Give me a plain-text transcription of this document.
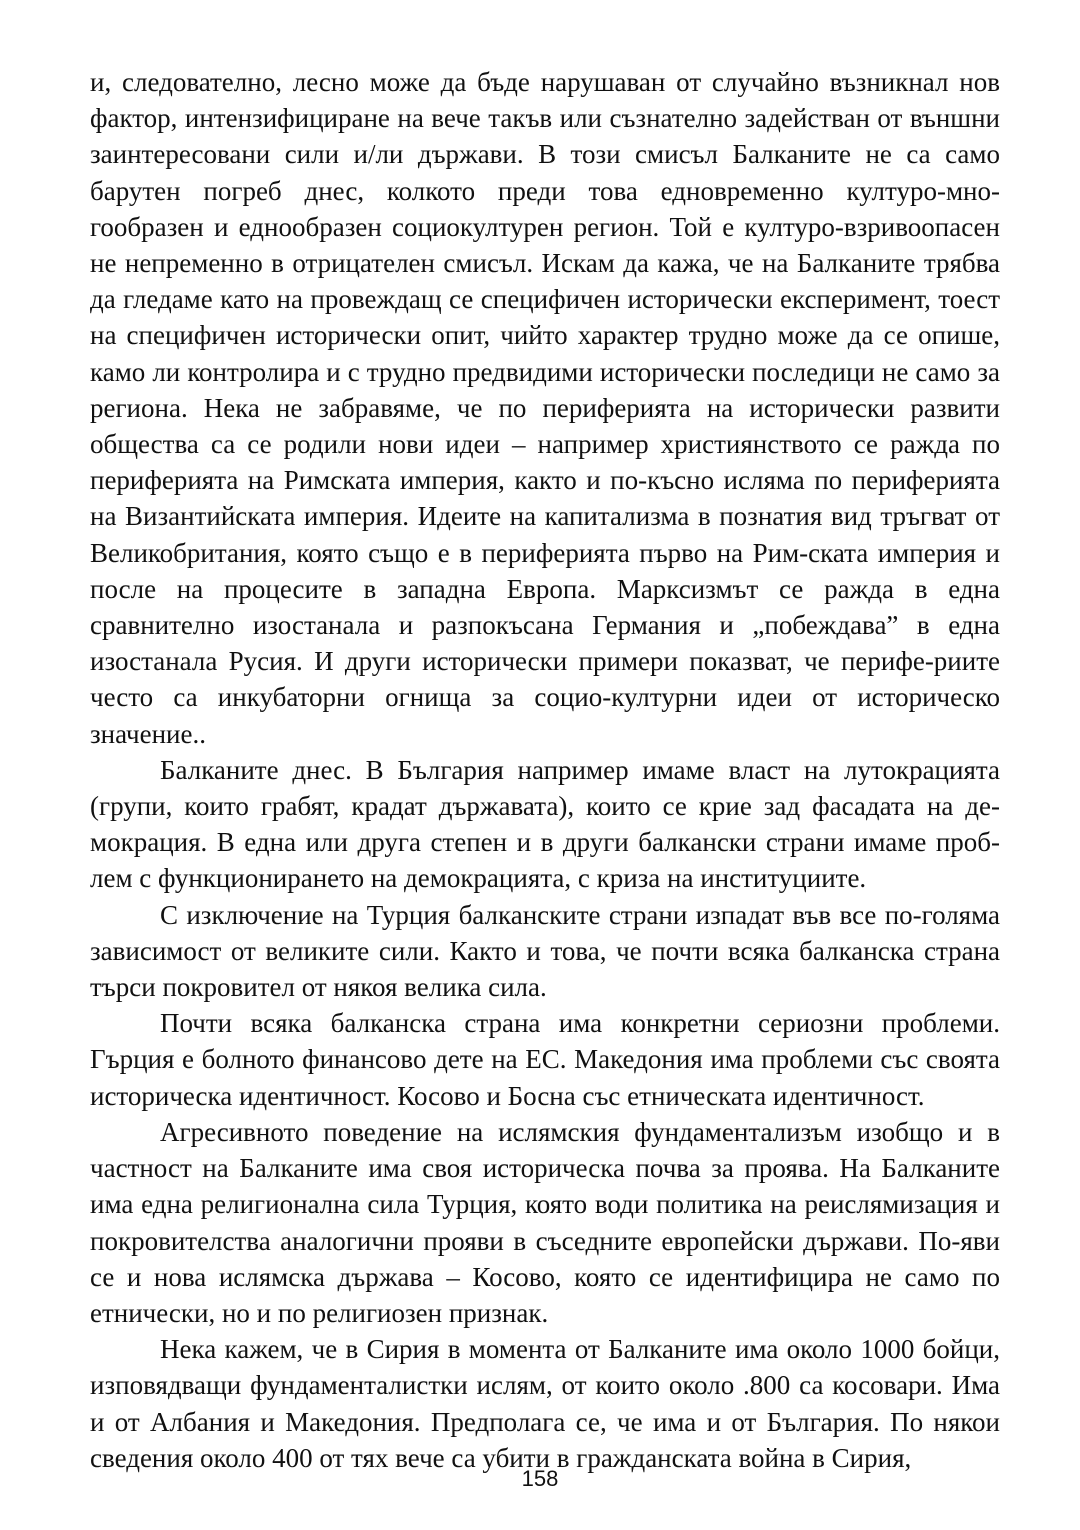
и, следователно, лесно може да бъде нарушаван от случайно възникнал нов фактор, интензифициране на вече такъв или съзнателно задействан от външни заинтересовани сили и/ли държави. В този смисъл Балканите не са само барутен погреб днес, колкото преди това едновременно културо-мно-гообразен и еднообразен социокултурен регион. Той е културо-взривоопасен не непременно в отрицателен смисъл. Искам да кажа, че на Балканите трябва да гледаме като на провеждащ се специфичен исторически експеримент, тоест на специфичен исторически опит, чийто характер трудно може да се опише, камо ли контролира и с трудно предвидими исторически последици не само за региона. Нека не забравяме, че по периферията на исторически развити общества са се родили нови идеи – например християнството се ражда по периферията на Римската империя, както и по-късно исляма по периферията на Византийската империя. Идеите на капитализма в познатия вид тръгват от Великобритания, която също е в периферията първо на Рим-ската империя и после на процесите в западна Европа. Марксизмът се ражда в една сравнително изостанала и разпокъсана Германия и „побеждава” в една изостанала Русия. И други исторически примери показват, че перифе-риите често са инкубаторни огнища за социо-културни идеи от историческо значение..

Балканите днес. В България например имаме власт на лутокрацията (групи, които грабят, крадат държавата), които се крие зад фасадата на де-мокрация. В една или друга степен и в други балкански страни имаме проб-лем с функционирането на демокрацията, с криза на институциите.

С изключение на Турция балканските страни изпадат във все по-голяма зависимост от великите сили. Както и това, че почти всяка балканска страна търси покровител от някоя велика сила.

Почти всяка балканска страна има конкретни сериозни проблеми. Гърция е болното финансово дете на ЕС. Македония има проблеми със своята историческа идентичност. Косово и Босна със етническата идентичност.

Агресивното поведение на ислямския фундаментализъм изобщо и в частност на Балканите има своя историческа почва за проява. На Балканите има една религионална сила Турция, която води политика на реислямизация и покровителства аналогични прояви в съседните европейски държави. По-яви се и нова ислямска държава – Косово, която се идентифицира не само по етнически, но и по религиозен признак.

Нека кажем, че в Сирия в момента от Балканите има около 1000 бойци, изповядващи фундаменталистки ислям, от които около .800 са косовари. Има и от Албания и Македония. Предполага се, че има и от България. По някои сведения около 400 от тях вече са убити в гражданската война в Сирия,

158
